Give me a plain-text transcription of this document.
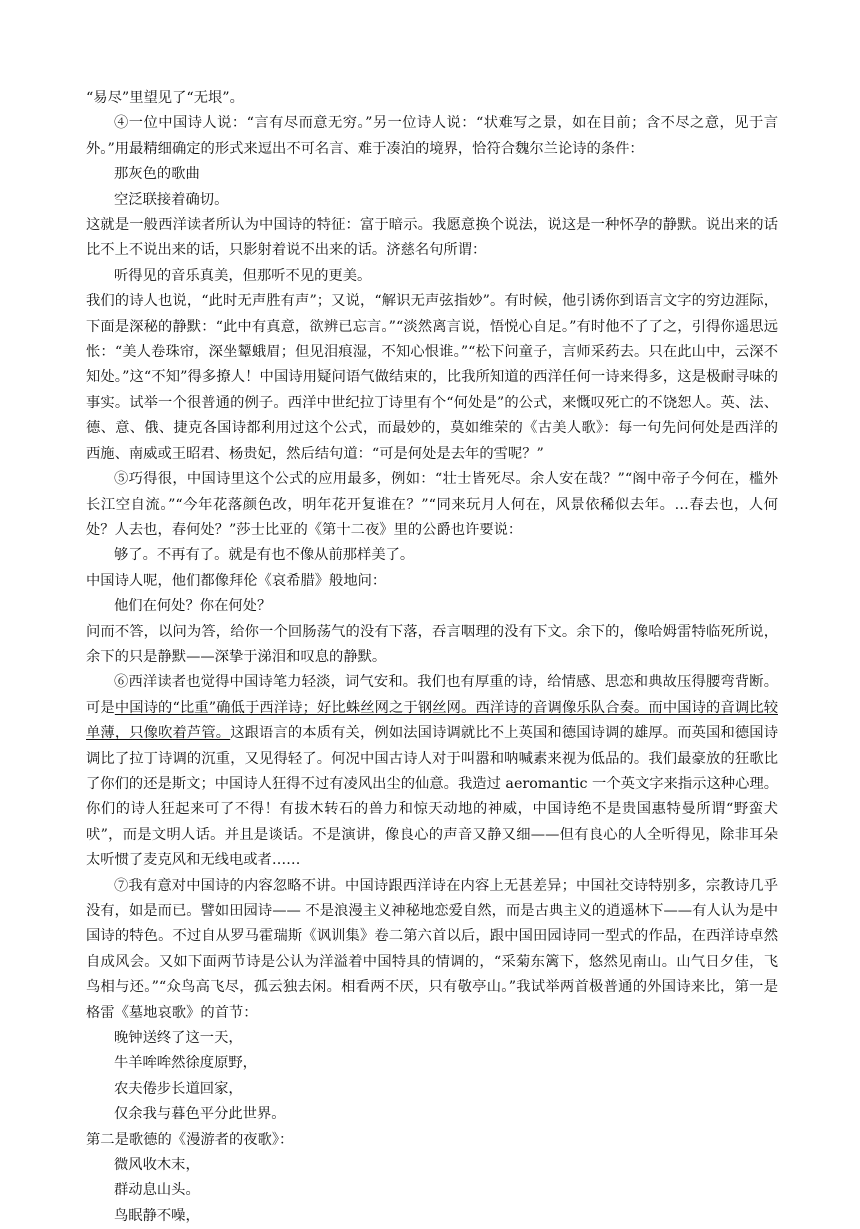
“易尽”里望见了“无垠”。

④一位中国诗人说：“言有尽而意无穷。”另一位诗人说：“状难写之景，如在目前；含不尽之意，见于言外。”用最精细确定的形式来逗出不可名言、难于凑泊的境界，恰符合魏尔兰论诗的条件：

那灰色的歌曲

空泛联接着确切。

这就是一般西洋读者所认为中国诗的特征：富于暗示。我愿意换个说法，说这是一种怀孕的静默。说出来的话比不上不说出来的话，只影射着说不出来的话。济慈名句所谓：

听得见的音乐真美，但那听不见的更美。

我们的诗人也说，“此时无声胜有声”；又说，“解识无声弦指妙”。有时候，他引诱你到语言文字的穷边涯际，下面是深秘的静默：“此中有真意，欲辨已忘言。”“淡然离言说，悟悦心自足。”有时他不了了之，引得你遥思远怅：“美人卷珠帘，深坐颦蛾眉；但见泪痕湿，不知心恨谁。”“松下问童子，言师采药去。只在此山中，云深不知处。”这“不知”得多撩人！中国诗用疑问语气做结束的，比我所知道的西洋任何一诗来得多，这是极耐寻味的事实。试举一个很普通的例子。西洋中世纪拉丁诗里有个“何处是”的公式，来慨叹死亡的不饶恕人。英、法、德、意、俄、捷克各国诗都利用过这个公式，而最妙的，莫如维荣的《古美人歌》：每一句先问何处是西洋的西施、南威或王昭君、杨贵妃，然后结句道：“可是何处是去年的雪呢？”

⑤巧得很，中国诗里这个公式的应用最多，例如：“壮士皆死尽。余人安在哉？”“阁中帝子今何在，槛外长江空自流。”“今年花落颜色改，明年花开复谁在？”“同来玩月人何在，风景依稀似去年。…春去也，人何处？人去也，春何处？”莎士比亚的《第十二夜》里的公爵也许要说：

够了。不再有了。就是有也不像从前那样美了。

中国诗人呢，他们都像拜伦《哀希腊》般地问：

他们在何处？你在何处？

问而不答，以问为答，给你一个回肠荡气的没有下落，吞言咽理的没有下文。余下的，像哈姆雷特临死所说，余下的只是静默——深挚于涕泪和叹息的静默。

⑥西洋读者也觉得中国诗笔力轻淡，词气安和。我们也有厚重的诗，给情感、思恋和典故压得腰弯背断。可是中国诗的“比重”确低于西洋诗；好比蛛丝网之于钢丝网。西洋诗的音调像乐队合奏。而中国诗的音调比较单薄，只像吹着芦管。这跟语言的本质有关，例如法国诗调就比不上英国和德国诗调的雄厚。而英国和德国诗调比了拉丁诗调的沉重，又见得轻了。何况中国古诗人对于叫嚣和呐喊素来视为低品的。我们最豪放的狂歌比了你们的还是斯文；中国诗人狂得不过有凌风出尘的仙意。我造过 aeromantic 一个英文字来指示这种心理。你们的诗人狂起来可了不得！有拔木转石的兽力和惊天动地的神威，中国诗绝不是贵国惠特曼所谓“野蛮犬吠”，而是文明人话。并且是谈话。不是演讲，像良心的声音又静又细——但有良心的人全听得见，除非耳朵太听惯了麦克风和无线电或者……

⑦我有意对中国诗的内容忽略不讲。中国诗跟西洋诗在内容上无甚差异；中国社交诗特别多，宗教诗几乎没有，如是而已。譬如田园诗—— 不是浪漫主义神秘地恋爱自然，而是古典主义的逍遥林下——有人认为是中国诗的特色。不过自从罗马霍瑞斯《讽训集》卷二第六首以后，跟中国田园诗同一型式的作品，在西洋诗卓然自成风会。又如下面两节诗是公认为洋溢着中国特具的情调的，“采菊东篱下，悠然见南山。山气日夕佳，飞鸟相与还。”“众鸟高飞尽，孤云独去闲。相看两不厌，只有敬亭山。”我试举两首极普通的外国诗来比，第一是格雷《墓地哀歌》的首节：

晚钟送终了这一天，

牛羊哞哞然徐度原野，

农夫倦步长道回家，

仅余我与暮色平分此世界。

第二是歌德的《漫游者的夜歌》：

微风收木末，

群动息山头。

鸟眠静不噪，
